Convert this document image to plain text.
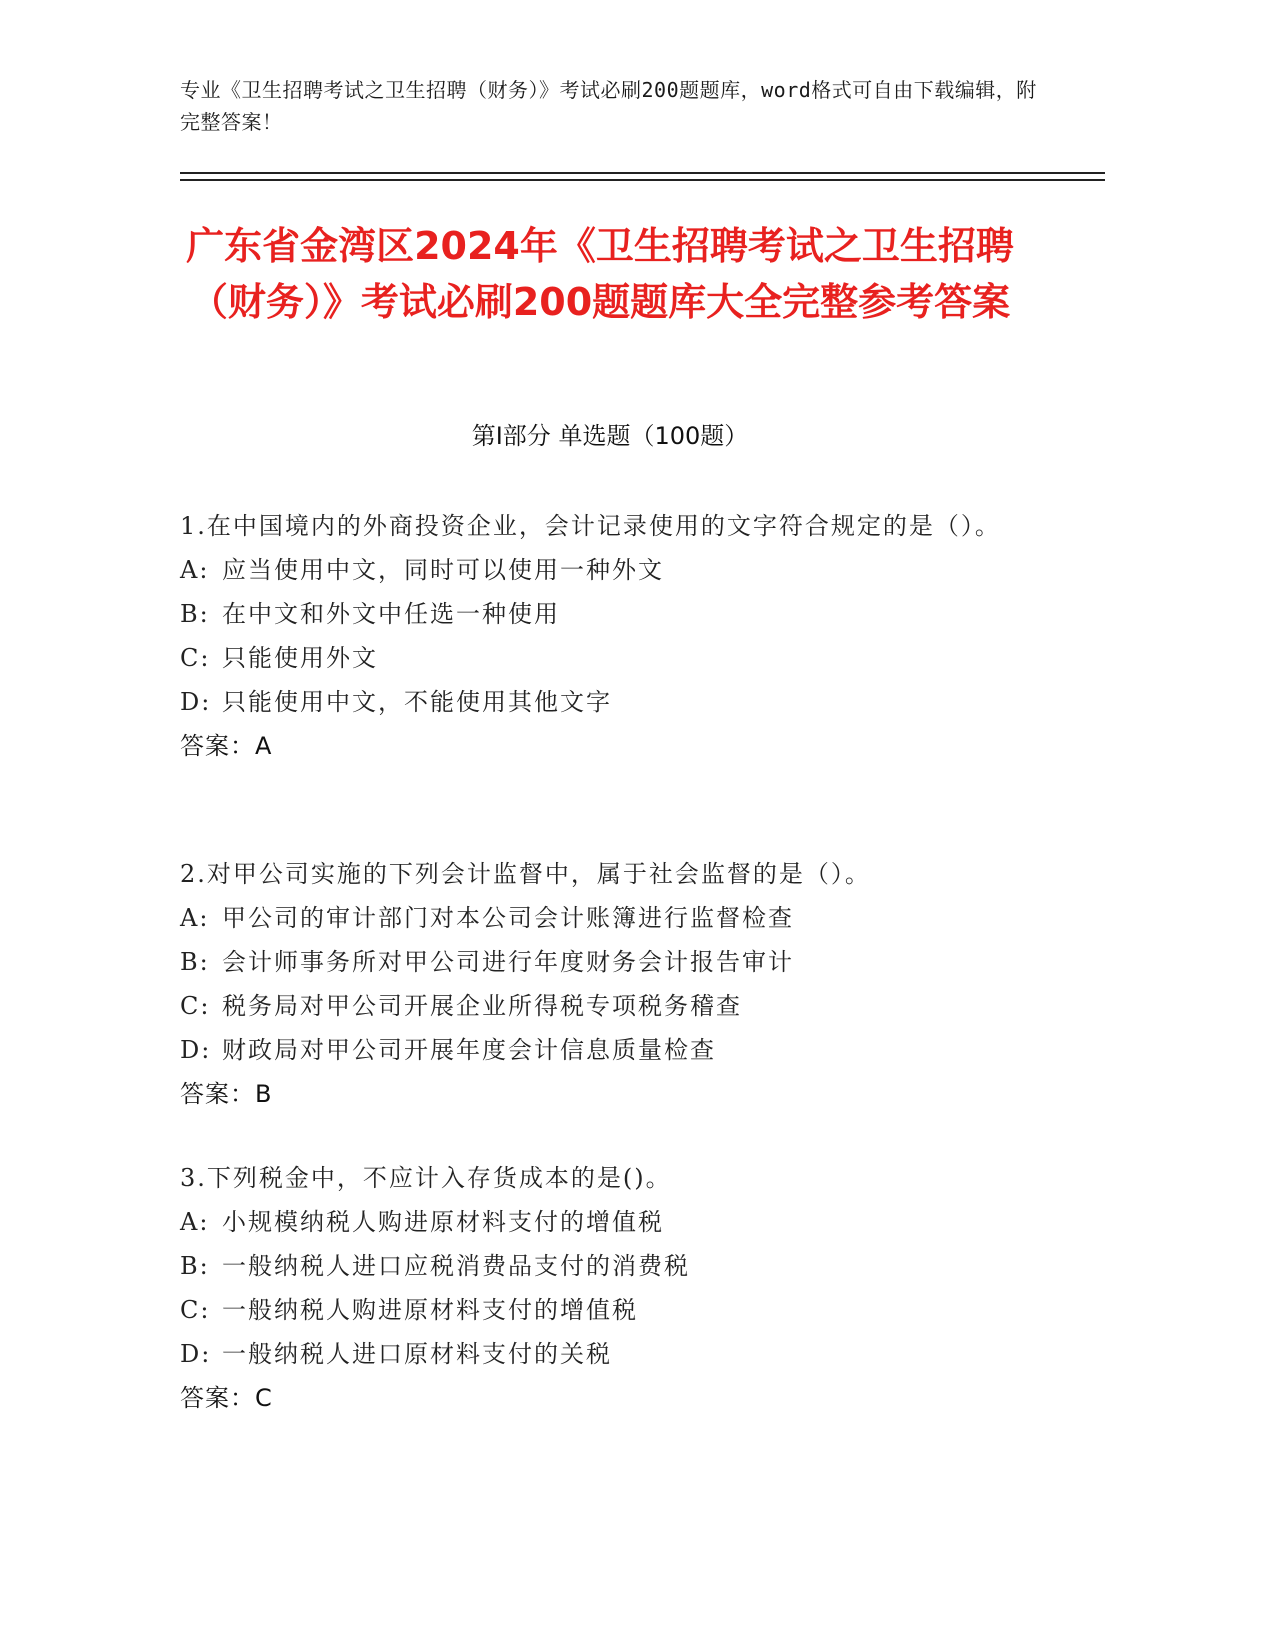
专业《卫生招聘考试之卫生招聘（财务）》考试必刷200题题库，word格式可自由下载编辑，附完整答案！
广东省金湾区2024年《卫生招聘考试之卫生招聘（财务）》考试必刷200题题库大全完整参考答案
第Ⅰ部分 单选题（100题）
1.在中国境内的外商投资企业，会计记录使用的文字符合规定的是（）。
A: 应当使用中文，同时可以使用一种外文
B: 在中文和外文中任选一种使用
C: 只能使用外文
D: 只能使用中文，不能使用其他文字
答案：A
2.对甲公司实施的下列会计监督中，属于社会监督的是（）。
A: 甲公司的审计部门对本公司会计账簿进行监督检查
B: 会计师事务所对甲公司进行年度财务会计报告审计
C: 税务局对甲公司开展企业所得税专项税务稽查
D: 财政局对甲公司开展年度会计信息质量检查
答案：B
3.下列税金中，不应计入存货成本的是()。
A: 小规模纳税人购进原材料支付的增值税
B: 一般纳税人进口应税消费品支付的消费税
C: 一般纳税人购进原材料支付的增值税
D: 一般纳税人进口原材料支付的关税
答案：C
